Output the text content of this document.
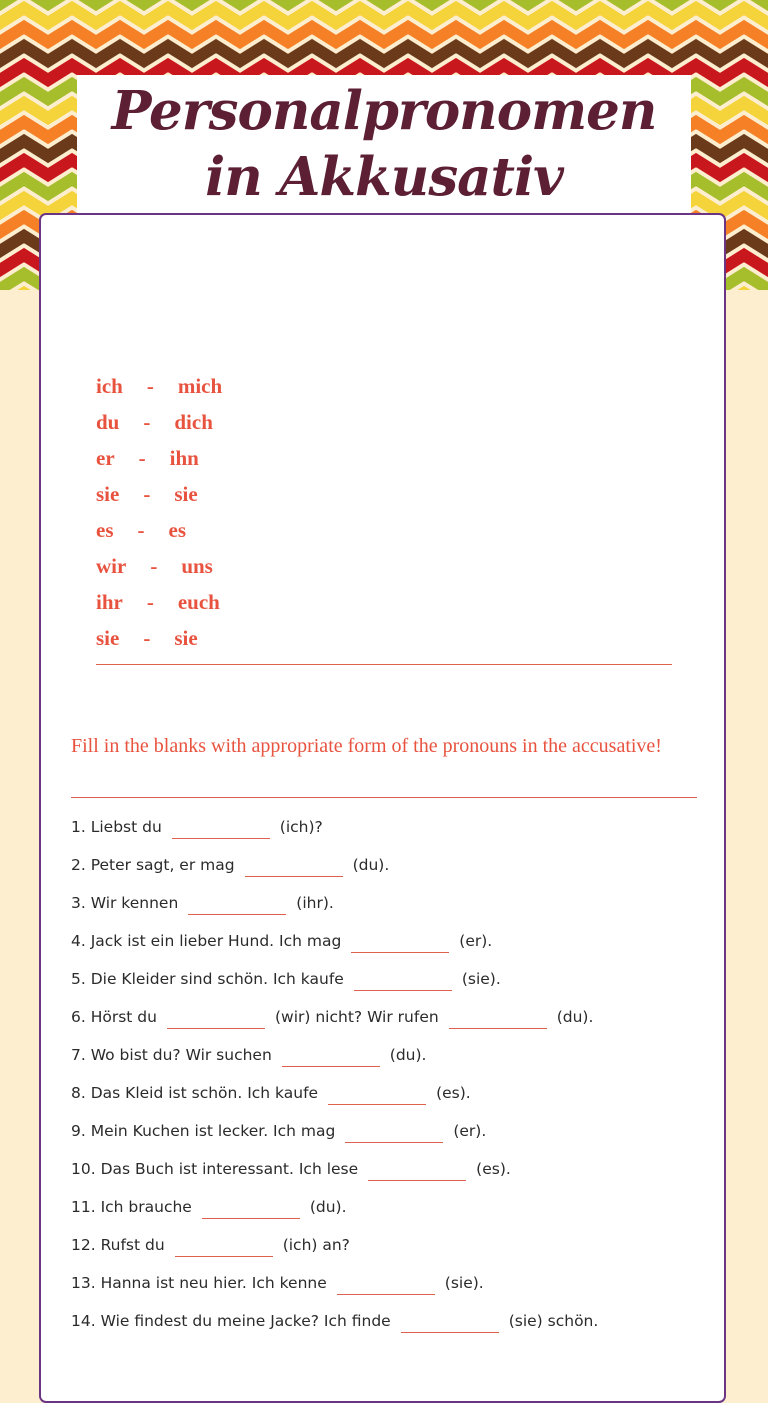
Personalpronomen in Akkusativ
ich - mich
du - dich
er - ihn
sie - sie
es - es
wir - uns
ihr - euch
sie - sie

Fill in the blanks with appropriate form of the pronouns in the accusative!

1. Liebst du	(ich)?
2. Peter sagt, er mag	(du).
3. Wir kennen	(ihr).
4. Jack ist ein lieber Hund. Ich mag	(er).
5. Die Kleider sind schön. Ich kaufe	(sie).
6. Hörst du	(wir) nicht? Wir rufen	(du).
7. Wo bist du? Wir suchen	(du).
8. Das Kleid ist schön. Ich kaufe	(es).
9. Mein Kuchen ist lecker. Ich mag	(er).
10. Das Buch ist interessant. Ich lese	(es).
11. Ich brauche	(du).
12. Rufst du	(ich) an?
13. Hanna ist neu hier. Ich kenne	(sie).
14. Wie findest du meine Jacke? Ich finde	(sie) schön.
